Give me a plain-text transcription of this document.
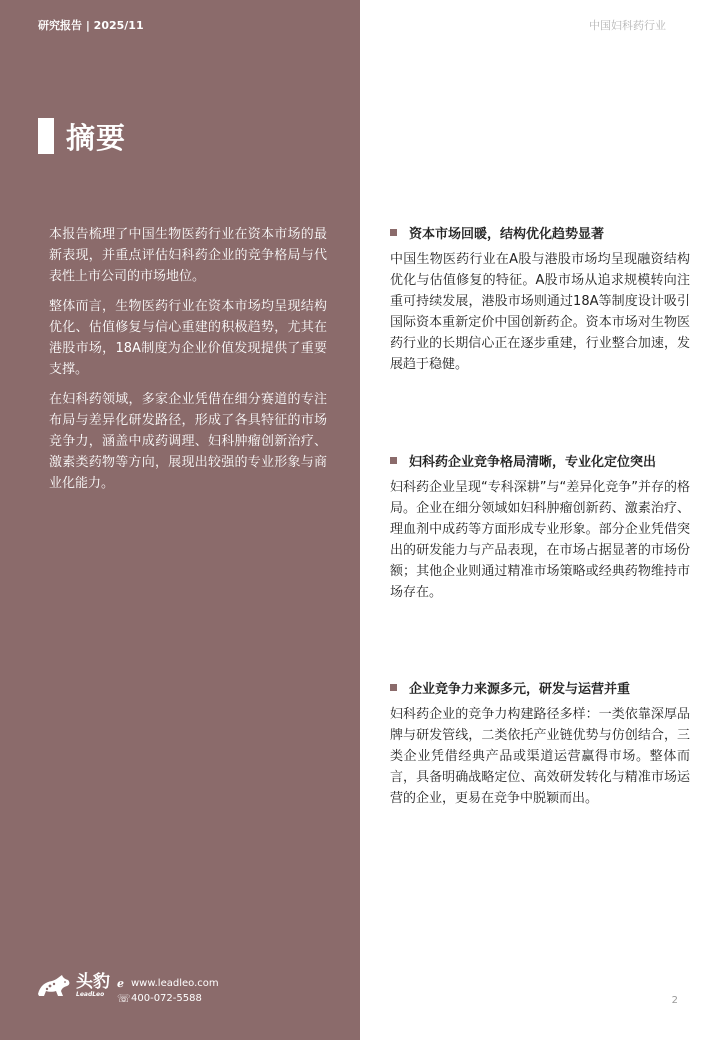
研究报告 | 2025/11
摘要

本报告梳理了中国生物医药行业在资本市场的最新表现，并重点评估妇科药企业的竞争格局与代表性上市公司的市场地位。

整体而言，生物医药行业在资本市场均呈现结构优化、估值修复与信心重建的积极趋势，尤其在港股市场，18A制度为企业价值发现提供了重要支撑。

在妇科药领域，多家企业凭借在细分赛道的专注布局与差异化研发路径，形成了各具特征的市场竞争力，涵盖中成药调理、妇科肿瘤创新治疗、激素类药物等方向，展现出较强的专业形象与商业化能力。

头豹
LeadLeo
ℯ www.leadleo.com
☏ 400-072-5588
中国妇科药行业
资本市场回暖，结构优化趋势显著
中国生物医药行业在A股与港股市场均呈现融资结构优化与估值修复的特征。A股市场从追求规模转向注重可持续发展，港股市场则通过18A等制度设计吸引国际资本重新定价中国创新药企。资本市场对生物医药行业的长期信心正在逐步重建，行业整合加速，发展趋于稳健。
妇科药企业竞争格局清晰，专业化定位突出
妇科药企业呈现“专科深耕”与“差异化竞争”并存的格局。企业在细分领域如妇科肿瘤创新药、激素治疗、理血剂中成药等方面形成专业形象。部分企业凭借突出的研发能力与产品表现，在市场占据显著的市场份额；其他企业则通过精准市场策略或经典药物维持市场存在。
企业竞争力来源多元，研发与运营并重
妇科药企业的竞争力构建路径多样：一类依靠深厚品牌与研发管线，二类依托产业链优势与仿创结合，三类企业凭借经典产品或渠道运营赢得市场。整体而言，具备明确战略定位、高效研发转化与精准市场运营的企业，更易在竞争中脱颖而出。
2
